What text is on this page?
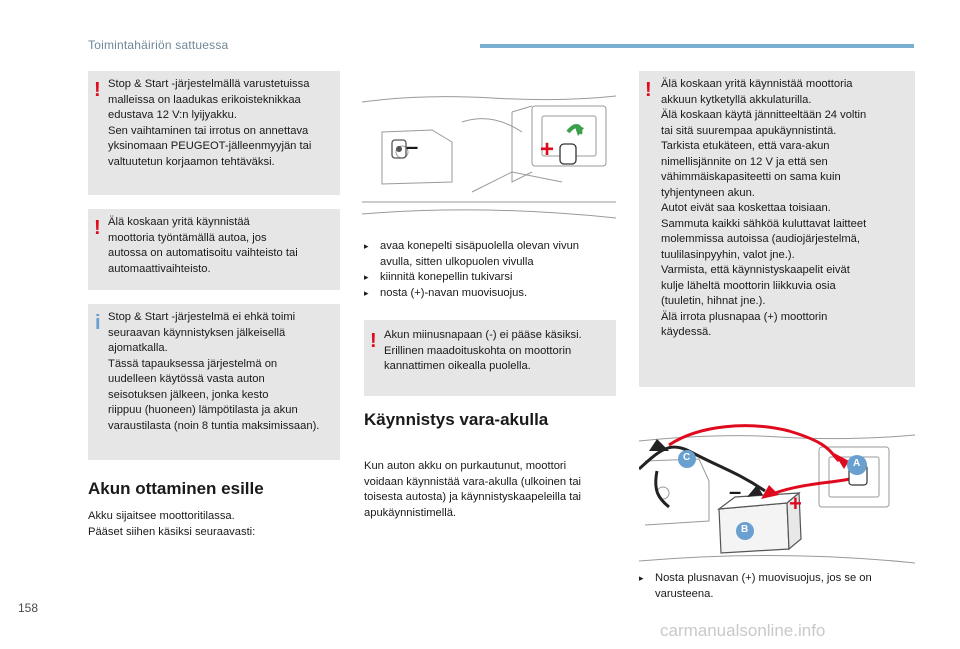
Toimintahäiriön sattuessa
! Stop & Start -järjestelmällä varustetuissa
malleissa on laadukas erikoisteknikkaa
edustava 12 V:n lyijyakku.
Sen vaihtaminen tai irrotus on annettava
yksinomaan PEUGEOT-jälleenmyyjän tai
valtuutetun korjaamon tehtäväksi.
! Älä koskaan yritä käynnistää
moottoria työntämällä autoa, jos
autossa on automatisoitu vaihteisto tai
automaattivaihteisto.
i Stop & Start -järjestelmä ei ehkä toimi
seuraavan käynnistyksen jälkeisellä
ajomatkalla.
Tässä tapauksessa järjestelmä on
uudelleen käytössä vasta auton
seisotuksen jälkeen, jonka kesto
riippuu (huoneen) lämpötilasta ja akun
varaustilasta (noin 8 tuntia maksimissaan).
Akun ottaminen esille
Akku sijaitsee moottoritilassa.
Pääset siihen käsiksi seuraavasti:
–	+
▸ avaa konepelti sisäpuolella olevan vivun
avulla, sitten ulkopuolen vivulla
▸ kiinnitä konepellin tukivarsi
▸ nosta (+)-navan muovisuojus.
! Akun miinusnapaan (-) ei pääse käsiksi.
Erillinen maadoituskohta on moottorin
kannattimen oikealla puolella.
Käynnistys vara-akulla
Kun auton akku on purkautunut, moottori
voidaan käynnistää vara-akulla (ulkoinen tai
toisesta autosta) ja käynnistyskaapeleilla tai
apukäynnistimellä.
! Älä koskaan yritä käynnistää moottoria
akkuun kytketyllä akkulaturilla.
Älä koskaan käytä jännitteeltään 24 voltin
tai sitä suurempaa apukäynnistintä.
Tarkista etukäteen, että vara-akun
nimellisjännite on 12 V ja että sen
vähimmäiskapasiteetti on sama kuin
tyhjentyneen akun.
Autot eivät saa koskettaa toisiaan.
Sammuta kaikki sähköä kuluttavat laitteet
molemmissa autoissa (audiojärjestelmä,
tuulilasinpyyhin, valot jne.).
Varmista, että käynnistyskaapelit eivät
kulje läheltä moottorin liikkuvia osia
(tuuletin, hihnat jne.).
Älä irrota plusnapaa (+) moottorin
käydessä.
A
B
C
– +
▸ Nosta plusnavan (+) muovisuojus, jos se on
varusteena.
158
carmanualsonline.info
